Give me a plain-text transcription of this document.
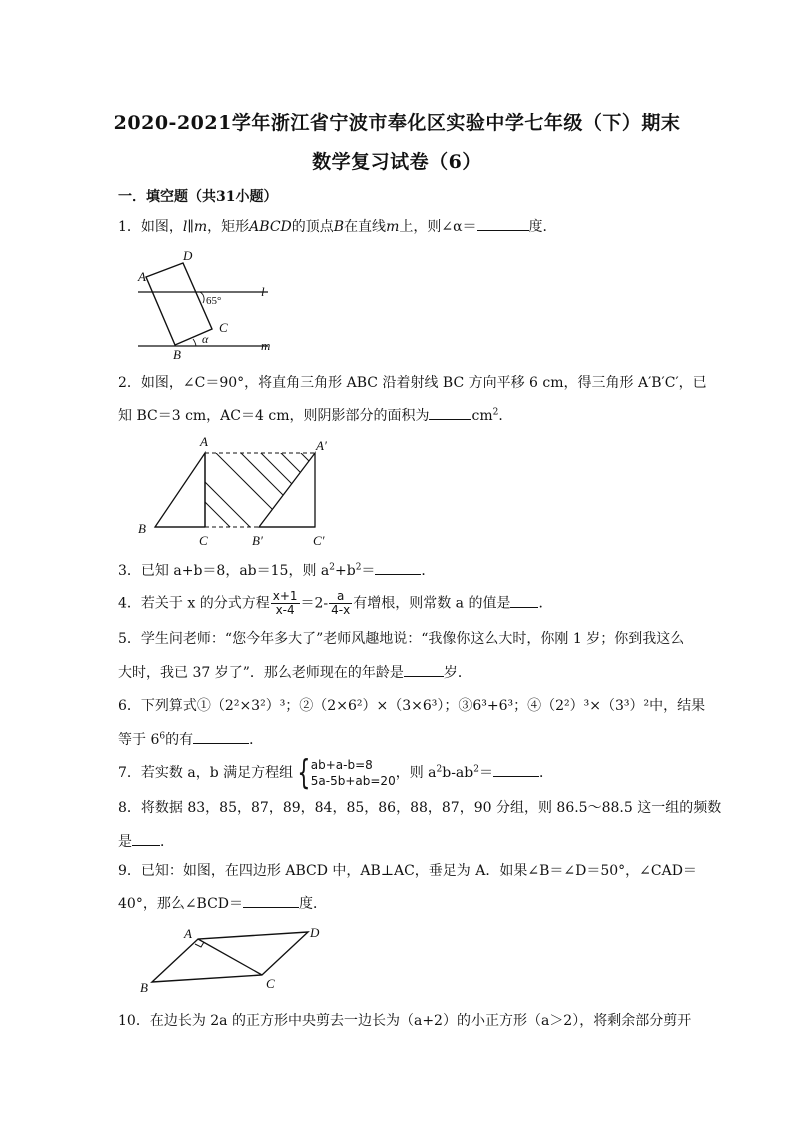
2020-2021学年浙江省宁波市奉化区实验中学七年级（下）期末
数学复习试卷（6）
一．填空题（共31小题）
1．如图，l∥m，矩形ABCD的顶点B在直线m上，则∠α＝	度．
A
D
C
B
l
m
65°
α
2．如图，∠C＝90°，将直角三角形 ABC 沿着射线 BC 方向平移 6 cm，得三角形 A′B′C′，已
知 BC＝3 cm，AC＝4 cm，则阴影部分的面积为	$cm^2$．
A	A′
B
C	B′	C′
3．已知 a+b＝8，ab＝15，则 $a^2+b^2=$	．
4．若关于 x 的分式方程 $\frac{x+1}{x-4} =2- \frac{a}{4-x}$ 有增根，则常数 a 的值是 ．
5．学生问老师：“您今年多大了”老师风趣地说：“我像你这么大时，你刚 1 岁；你到我这么
大时，我已 37 岁了”．那么老师现在的年龄是	岁．
6．下列算式①（2²×3²）³；②（2×6²）×（3×6³）；③6³+6³；④（2²）³×（3³）²中，结果
等于 $6^6$的有	．
7．若实数 a，b 满足方程组 { ab+a-b=8
5a-5b+ab=20 ，则 $a^2b-ab^2=$	．
8．将数据 83，85，87，89，84，85，86，88，87，90 分组，则 86.5～88.5 这一组的频数
是 ．
9．已知：如图，在四边形 ABCD 中，AB⊥AC，垂足为 A．如果∠B＝∠D＝50°，∠CAD＝
40°，那么∠BCD＝	度．
A	D
B	C
10．在边长为 2a 的正方形中央剪去一边长为（a+2）的小正方形（a＞2），将剩余部分剪开
